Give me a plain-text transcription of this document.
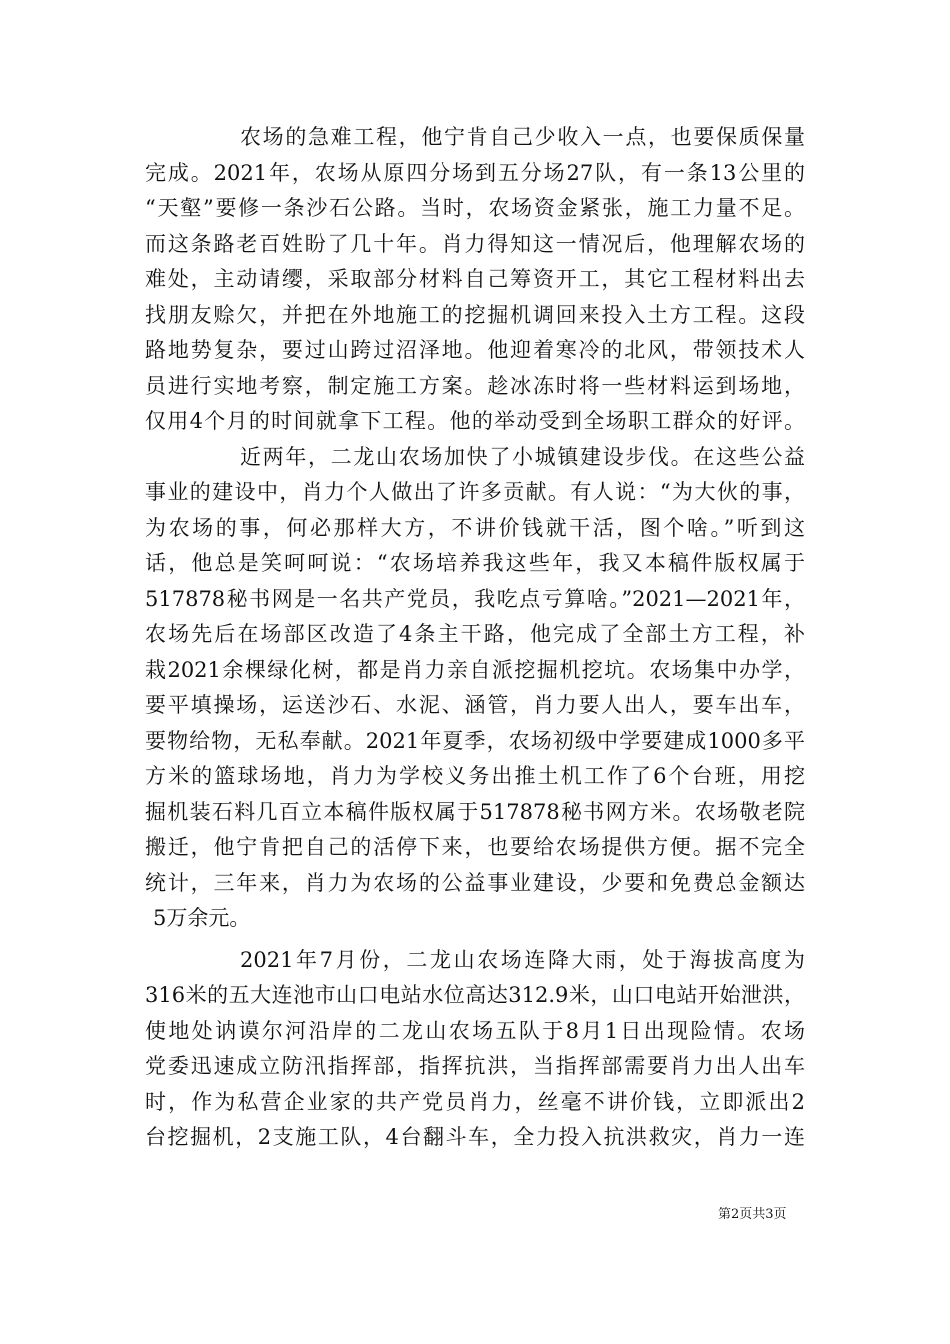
农场的急难工程，他宁肯自己少收入一点，也要保质保量
完成。2021年，农场从原四分场到五分场27队，有一条13公里的
“天壑”要修一条沙石公路。当时，农场资金紧张，施工力量不足。
而这条路老百姓盼了几十年。肖力得知这一情况后，他理解农场的
难处，主动请缨，采取部分材料自己筹资开工，其它工程材料出去
找朋友赊欠，并把在外地施工的挖掘机调回来投入土方工程。这段
路地势复杂，要过山跨过沼泽地。他迎着寒冷的北风，带领技术人
员进行实地考察，制定施工方案。趁冰冻时将一些材料运到场地，
仅用4个月的时间就拿下工程。他的举动受到全场职工群众的好评。
近两年，二龙山农场加快了小城镇建设步伐。在这些公益
事业的建设中，肖力个人做出了许多贡献。有人说：“为大伙的事，
为农场的事，何必那样大方，不讲价钱就干活，图个啥。”听到这
话，他总是笑呵呵说：“农场培养我这些年，我又本稿件版权属于
517878秘书网是一名共产党员，我吃点亏算啥。”2021—2021年，
农场先后在场部区改造了4条主干路，他完成了全部土方工程，补
栽2021余棵绿化树，都是肖力亲自派挖掘机挖坑。农场集中办学，
要平填操场，运送沙石、水泥、涵管，肖力要人出人，要车出车，
要物给物，无私奉献。2021年夏季，农场初级中学要建成1000多平
方米的篮球场地，肖力为学校义务出推土机工作了6个台班，用挖
掘机装石料几百立本稿件版权属于517878秘书网方米。农场敬老院
搬迁，他宁肯把自己的活停下来，也要给农场提供方便。据不完全
统计，三年来，肖力为农场的公益事业建设，少要和免费总金额达
5万余元。
2021年7月份，二龙山农场连降大雨，处于海拔高度为
316米的五大连池市山口电站水位高达312.9米，山口电站开始泄洪，
使地处讷谟尔河沿岸的二龙山农场五队于8月1日出现险情。农场
党委迅速成立防汛指挥部，指挥抗洪，当指挥部需要肖力出人出车
时，作为私营企业家的共产党员肖力，丝毫不讲价钱，立即派出2
台挖掘机，2支施工队，4台翻斗车，全力投入抗洪救灾，肖力一连
第2页共3页
